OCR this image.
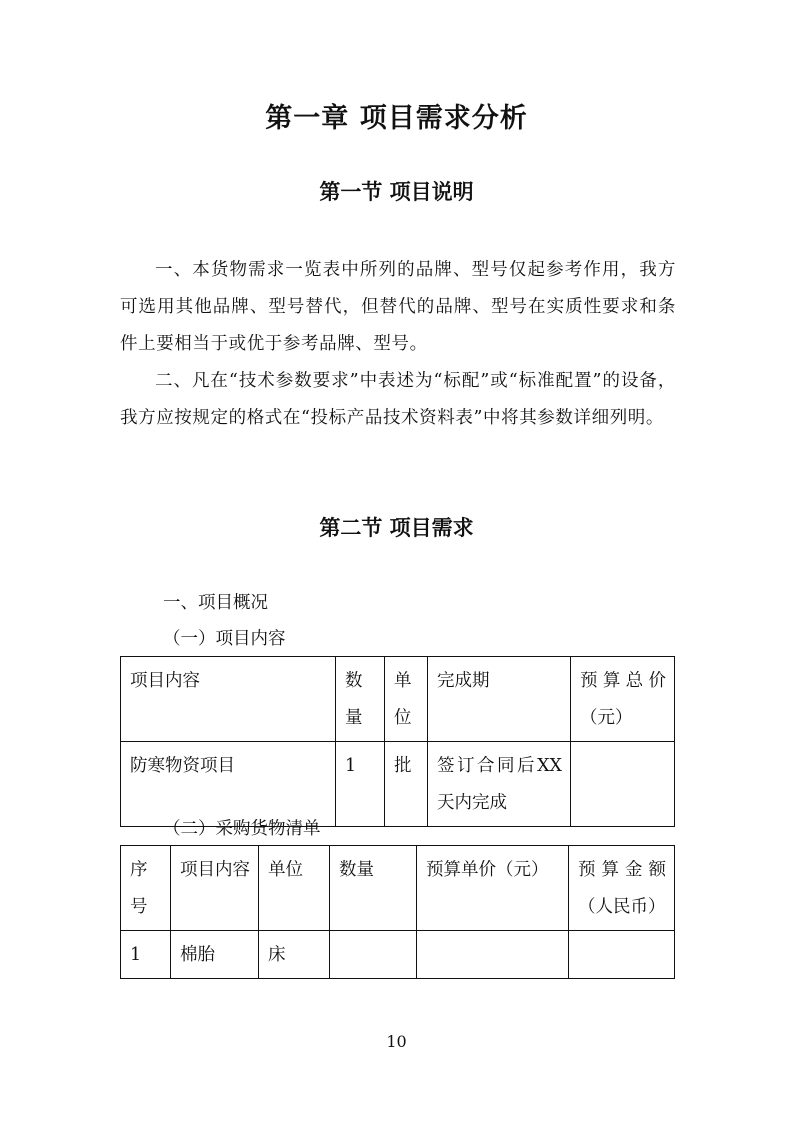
第一章 项目需求分析
第一节 项目说明

一、本货物需求一览表中所列的品牌、型号仅起参考作用，我方可选用其他品牌、型号替代，但替代的品牌、型号在实质性要求和条件上要相当于或优于参考品牌、型号。

二、凡在“技术参数要求”中表述为“标配”或“标准配置”的设备，我方应按规定的格式在“投标产品技术资料表”中将其参数详细列明。

第二节 项目需求
一、项目概况
（一）项目内容
项目内容	数量	单位	完成期	预算总价（元）
防寒物资项目	1	批	签订合同后XX天内完成	
（二）采购货物清单
序号	项目内容	单位	数量	预算单价（元）	预算金额（人民币）
1	棉胎	床			
10
